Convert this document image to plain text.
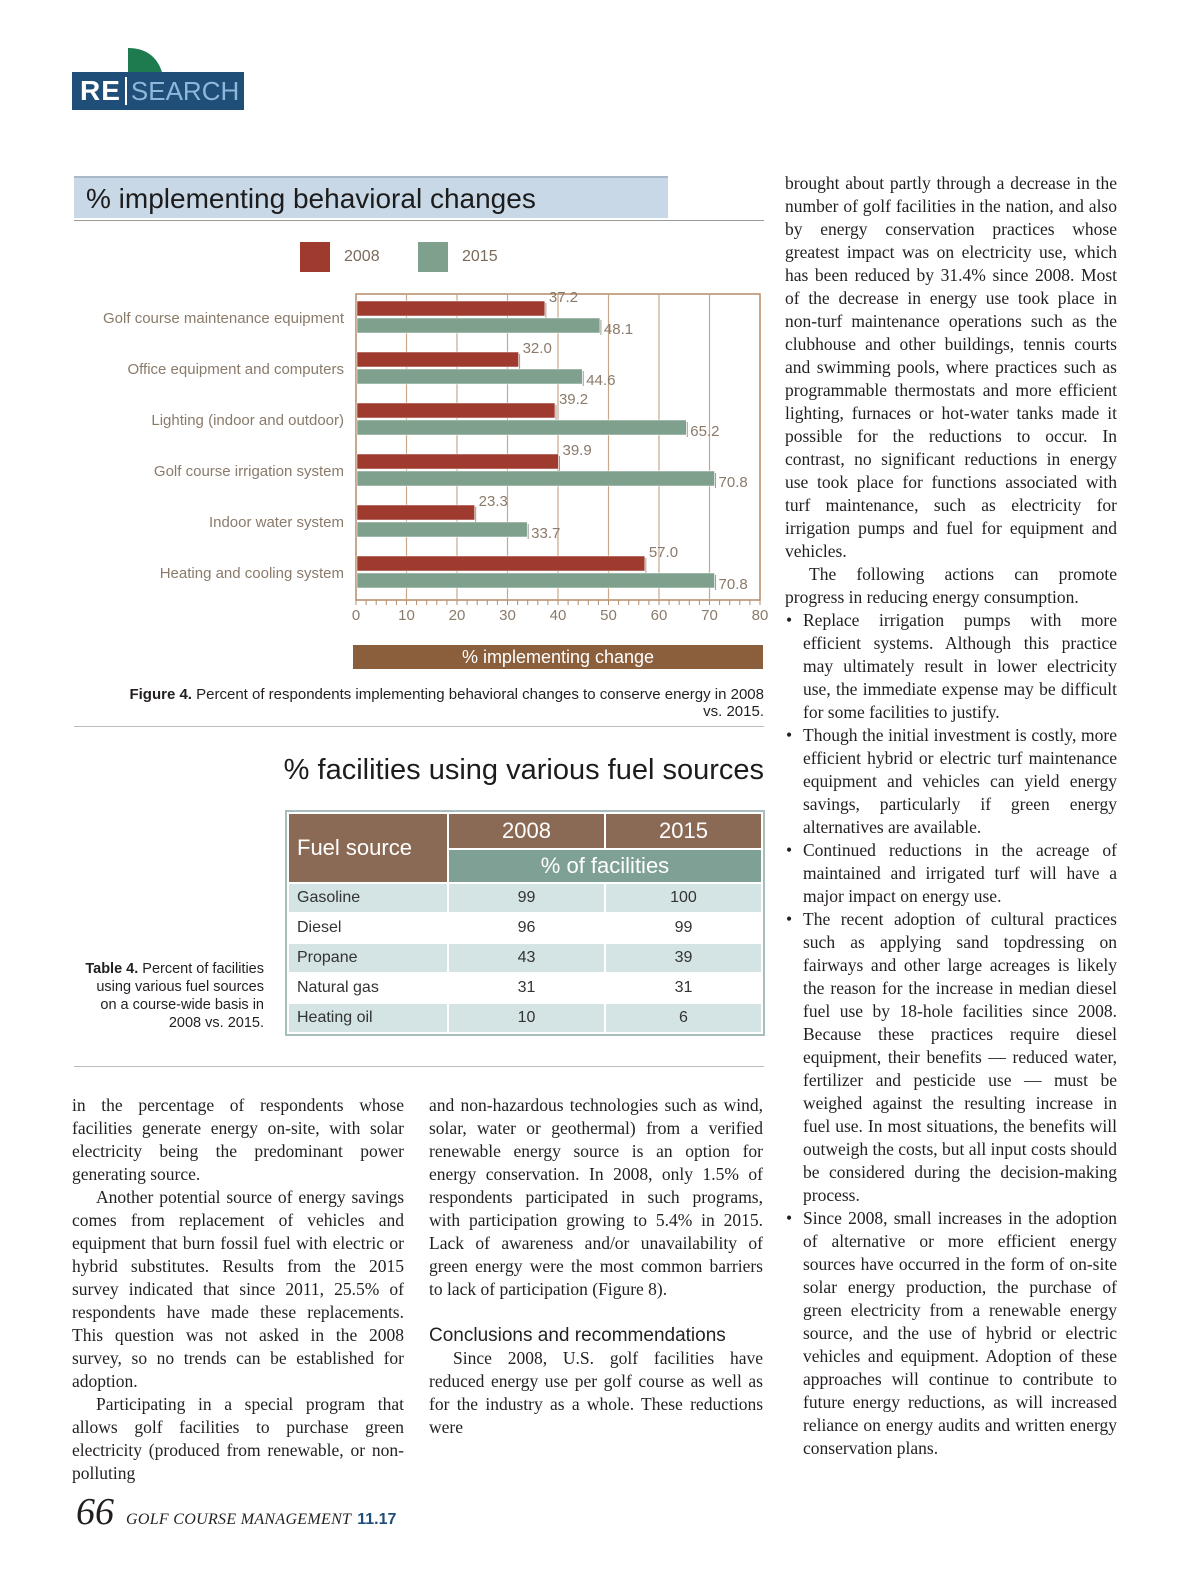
RE SEARCH
% implementing behavioral changes
2008	2015
0	10 20 30 40 50 60 70 80
Golf course maintenance equipment
37.2
48.1
Office equipment and computers
32.0
44.6
Lighting (indoor and outdoor)
39.2
65.2
Golf course irrigation system
39.9
70.8
Indoor water system
23.3
33.7
Heating and cooling system
57.0
70.8
% implementing change
Figure 4. Percent of respondents implementing behavioral changes to conserve energy in 2008 vs. 2015.
% facilities using various fuel sources
Fuel source	2008	2015
	% of facilities	
Gasoline	99	100
Diesel	96	99
Propane	43	39
Natural gas	31	31
Heating oil	10	6
Table 4. Percent of facilities using various fuel sources on a course-wide basis in 2008 vs. 2015.

in the percentage of respondents whose facilities generate energy on-site, with solar electricity being the predominant power generating source.

Another potential source of energy savings comes from replacement of vehicles and equipment that burn fossil fuel with electric or hybrid substitutes. Results from the 2015 survey indicated that since 2011, 25.5% of respondents have made these replacements. This question was not asked in the 2008 survey, so no trends can be established for adoption.

Participating in a special program that allows golf facilities to purchase green electricity (produced from renewable, or non-polluting

and non-hazardous technologies such as wind, solar, water or geothermal) from a verified renewable energy source is an option for energy conservation. In 2008, only 1.5% of respondents participated in such programs, with participation growing to 5.4% in 2015. Lack of awareness and/or unavailability of green energy were the most common barriers to lack of participation (Figure 8).

Conclusions and recommendations

Since 2008, U.S. golf facilities have reduced energy use per golf course as well as for the industry as a whole. These reductions were

brought about partly through a decrease in the number of golf facilities in the nation, and also by energy conservation practices whose greatest impact was on electricity use, which has been reduced by 31.4% since 2008. Most of the decrease in energy use took place in non-turf maintenance operations such as the clubhouse and other buildings, tennis courts and swimming pools, where practices such as programmable thermostats and more efficient lighting, furnaces or hot-water tanks made it possible for the reductions to occur. In contrast, no significant reductions in energy use took place for functions associated with turf maintenance, such as electricity for irrigation pumps and fuel for equipment and vehicles.

The following actions can promote progress in reducing energy consumption.

• Replace irrigation pumps with more efficient systems. Although this practice may ultimately result in lower electricity use, the immediate expense may be difficult for some facilities to justify.
• Though the initial investment is costly, more efficient hybrid or electric turf maintenance equipment and vehicles can yield energy savings, particularly if green energy alternatives are available.
• Continued reductions in the acreage of maintained and irrigated turf will have a major impact on energy use.
• The recent adoption of cultural practices such as applying sand topdressing on fairways and other large acreages is likely the reason for the increase in median diesel fuel use by 18-hole facilities since 2008. Because these practices require diesel equipment, their benefits — reduced water, fertilizer and pesticide use — must be weighed against the resulting increase in fuel use. In most situations, the benefits will outweigh the costs, but all input costs should be considered during the decision-making process.
• Since 2008, small increases in the adoption of alternative or more efficient energy sources have occurred in the form of on-site solar energy production, the purchase of green electricity from a renewable energy source, and the use of hybrid or electric vehicles and equipment. Adoption of these approaches will continue to contribute to future energy reductions, as will increased reliance on energy audits and written energy conservation plans.
66 GOLF COURSE MANAGEMENT 11.17
